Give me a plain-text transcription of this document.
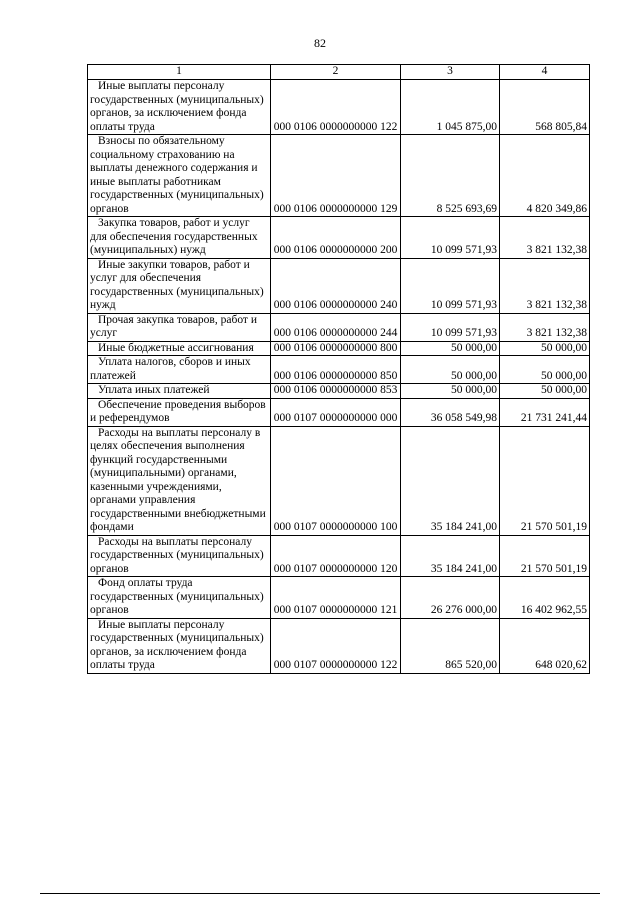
82
1	2	3	4
Иные выплаты персоналу государственных (муниципальных) органов, за исключением фонда оплаты труда	000 0106 0000000000 122	1 045 875,00	568 805,84
Взносы по обязательному социальному страхованию на выплаты денежного содержания и иные выплаты работникам государственных (муниципальных) органов	000 0106 0000000000 129	8 525 693,69	4 820 349,86
Закупка товаров, работ и услуг для обеспечения государственных (муниципальных) нужд	000 0106 0000000000 200	10 099 571,93	3 821 132,38
Иные закупки товаров, работ и услуг для обеспечения государственных (муниципальных) нужд	000 0106 0000000000 240	10 099 571,93	3 821 132,38
Прочая закупка товаров, работ и услуг	000 0106 0000000000 244	10 099 571,93	3 821 132,38
Иные бюджетные ассигнования	000 0106 0000000000 800	50 000,00	50 000,00
Уплата налогов, сборов и иных платежей	000 0106 0000000000 850	50 000,00	50 000,00
Уплата иных платежей	000 0106 0000000000 853	50 000,00	50 000,00
Обеспечение проведения выборов и референдумов	000 0107 0000000000 000	36 058 549,98	21 731 241,44
Расходы на выплаты персоналу в целях обеспечения выполнения функций государственными (муниципальными) органами, казенными учреждениями, органами управления государственными внебюджетными фондами	000 0107 0000000000 100	35 184 241,00	21 570 501,19
Расходы на выплаты персоналу государственных (муниципальных) органов	000 0107 0000000000 120	35 184 241,00	21 570 501,19
Фонд оплаты труда государственных (муниципальных) органов	000 0107 0000000000 121	26 276 000,00	16 402 962,55
Иные выплаты персоналу государственных (муниципальных) органов, за исключением фонда оплаты труда	000 0107 0000000000 122	865 520,00	648 020,62
